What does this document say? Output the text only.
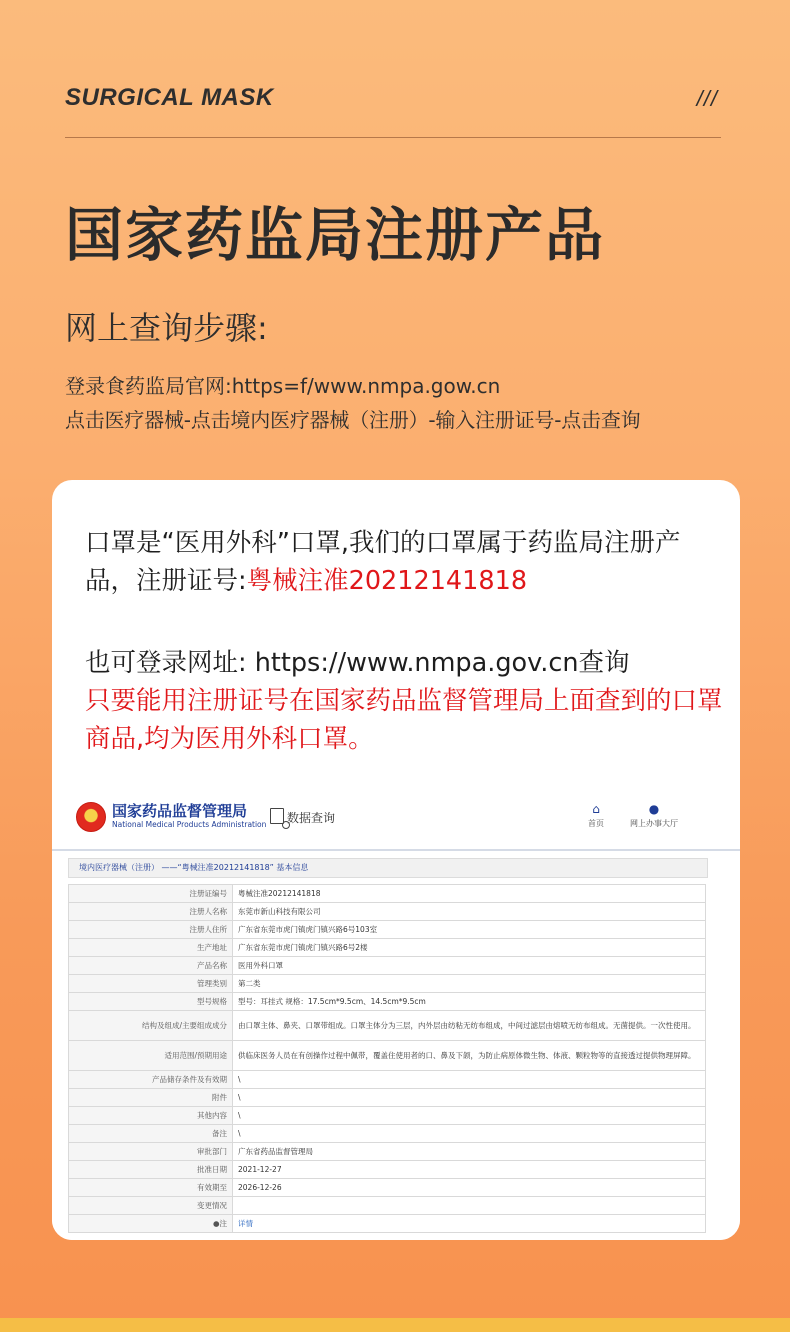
SURGICAL MASK	///
国家药监局注册产品
网上查询步骤:
登录食药监局官网:https=f/www.nmpa.gow.cn
点击医疗器械-点击境内医疗器械（注册）-输入注册证号-点击查询
口罩是“医用外科”口罩,我们的口罩属于药监局注册产品，注册证号:粤械注准20212141818
也可登录网址: https://www.nmpa.gov.cn查询
只要能用注册证号在国家药品监督管理局上面查到的口罩商品,均为医用外科口罩。
国家药品监督管理局
National Medical Products Administration 数据查询
⌂
首页
●
网上办事大厅
境内医疗器械（注册） ——“粤械注准20212141818” 基本信息
注册证编号	粤械注准20212141818
注册人名称	东莞市新山科技有限公司
注册人住所	广东省东莞市虎门镇虎门镇兴路6号103室
生产地址	广东省东莞市虎门镇虎门镇兴路6号2楼
产品名称	医用外科口罩
管理类别	第二类
型号规格	型号：耳挂式 规格：17.5cm*9.5cm、14.5cm*9.5cm
结构及组成/主要组成成分	由口罩主体、鼻夹、口罩带组成。口罩主体分为三层，内外层由纺粘无纺布组成，中间过滤层由熔喷无纺布组成。无菌提供。一次性使用。
适用范围/预期用途	供临床医务人员在有创操作过程中佩带，覆盖住使用者的口、鼻及下颌，为防止病原体微生物、体液、颗粒物等的直接透过提供物理屏障。
产品储存条件及有效期	\
附件	\
其他内容	\
备注	\
审批部门	广东省药品监督管理局
批准日期	2021-12-27
有效期至	2026-12-26
变更情况	
●注	详情
